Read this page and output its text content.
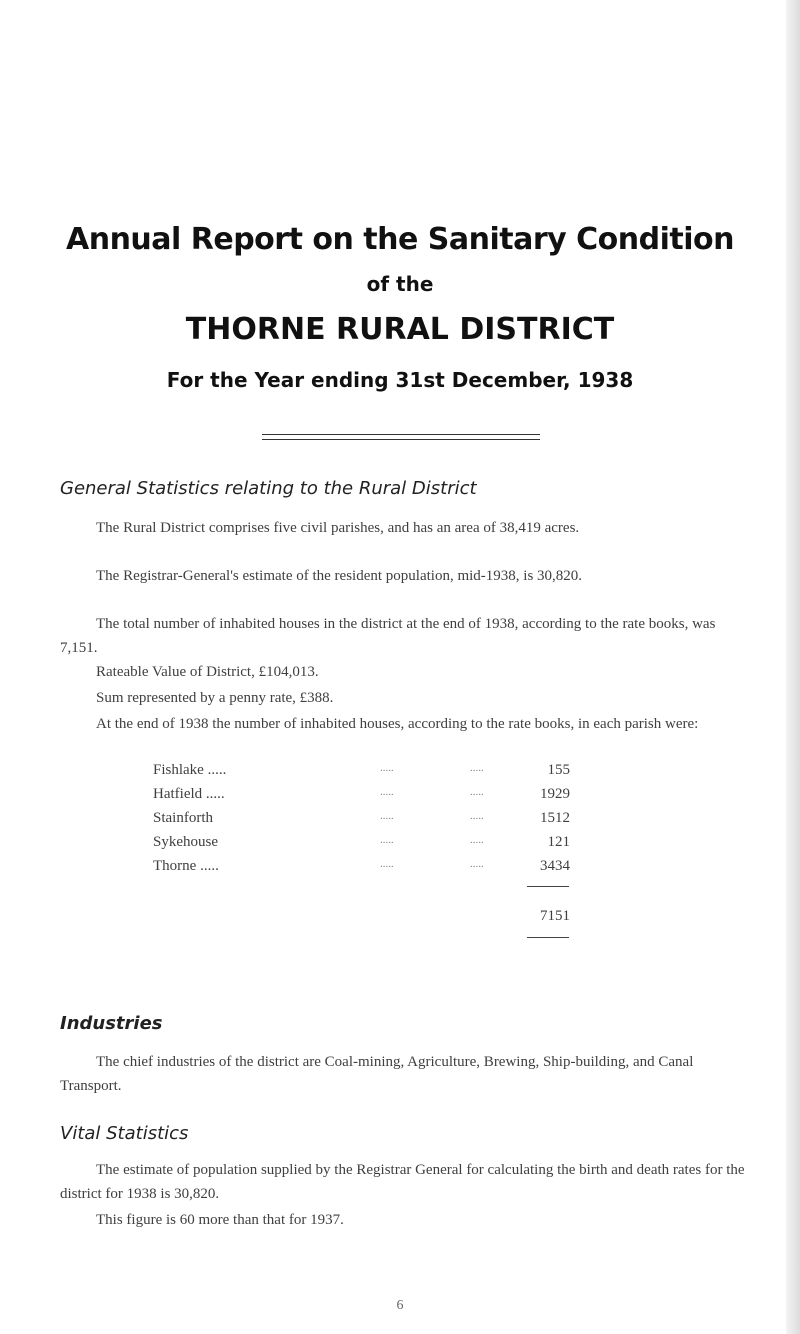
Annual Report on the Sanitary Condition
of the
THORNE RURAL DISTRICT
For the Year ending 31st December, 1938
General Statistics relating to the Rural District

The Rural District comprises five civil parishes, and has an area of 38,419 acres.

The Registrar-General's estimate of the resident population, mid-1938, is 30,820.

The total number of inhabited houses in the district at the end of 1938, according to the rate books, was 7,151.

Rateable Value of District, £104,013.

Sum represented by a penny rate, £388.

At the end of 1938 the number of inhabited houses, according to the rate books, in each parish were:

Fishlake .....	.....	.....	155
Hatfield .....	.....	.....	1929
Stainforth	.....	.....	1512
Sykehouse	.....	.....	121
Thorne .....	.....	.....	3434
7151
Industries

The chief industries of the district are Coal-mining, Agriculture, Brewing, Ship-building, and Canal Transport.

Vital Statistics

The estimate of population supplied by the Registrar General for calculating the birth and death rates for the district for 1938 is 30,820.

This figure is 60 more than that for 1937.

6
